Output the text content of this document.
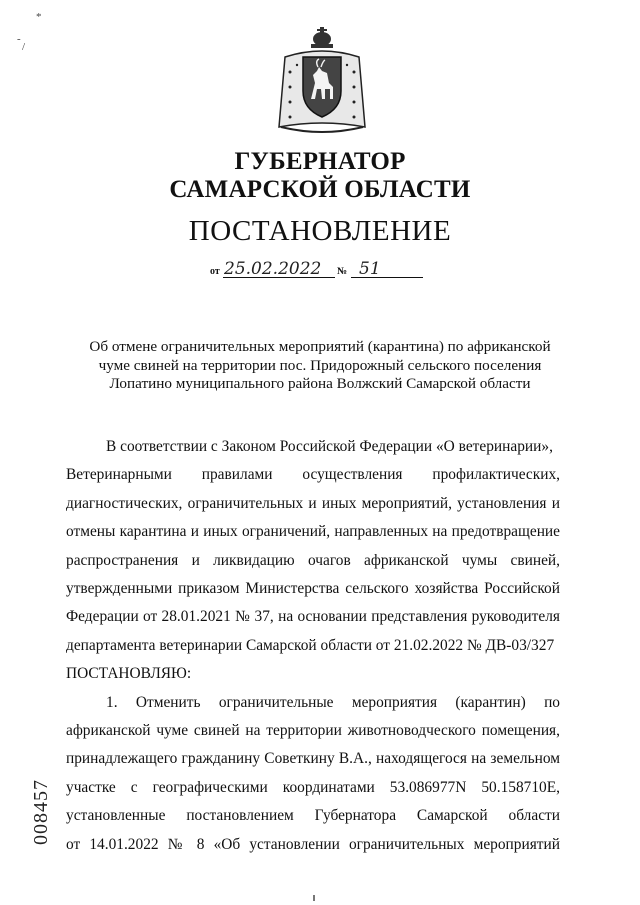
*
-
/
ГУБЕРНАТОР
САМАРСКОЙ ОБЛАСТИ
ПОСТАНОВЛЕНИЕ
от 25.02.2022 № 51
Об отмене ограничительных мероприятий (карантина) по африканской чуме свиней на территории пос. Придорожный сельского поселения Лопатино муниципального района Волжский Самарской области

В соответствии с Законом Российской Федерации «О ветеринарии»,

Ветеринарными правилами осуществления профилактических,

диагностических, ограничительных и иных мероприятий, установления и

отмены карантина и иных ограничений, направленных на предотвращение

распространения и ликвидацию очагов африканской чумы свиней,

утвержденными приказом Министерства сельского хозяйства Российской

Федерации от 28.01.2021 № 37, на основании представления руководителя

департамента ветеринарии Самарской области от 21.02.2022 № ДВ-03/327

ПОСТАНОВЛЯЮ:

1. Отменить ограничительные мероприятия (карантин) по

африканской чуме свиней на территории животноводческого помещения,

принадлежащего гражданину Советкину В.А., находящегося на земельном

участке с географическими координатами 53.086977N 50.158710E,

установленные постановлением Губернатора Самарской области

от 14.01.2022 № 8 «Об установлении ограничительных мероприятий

008457
